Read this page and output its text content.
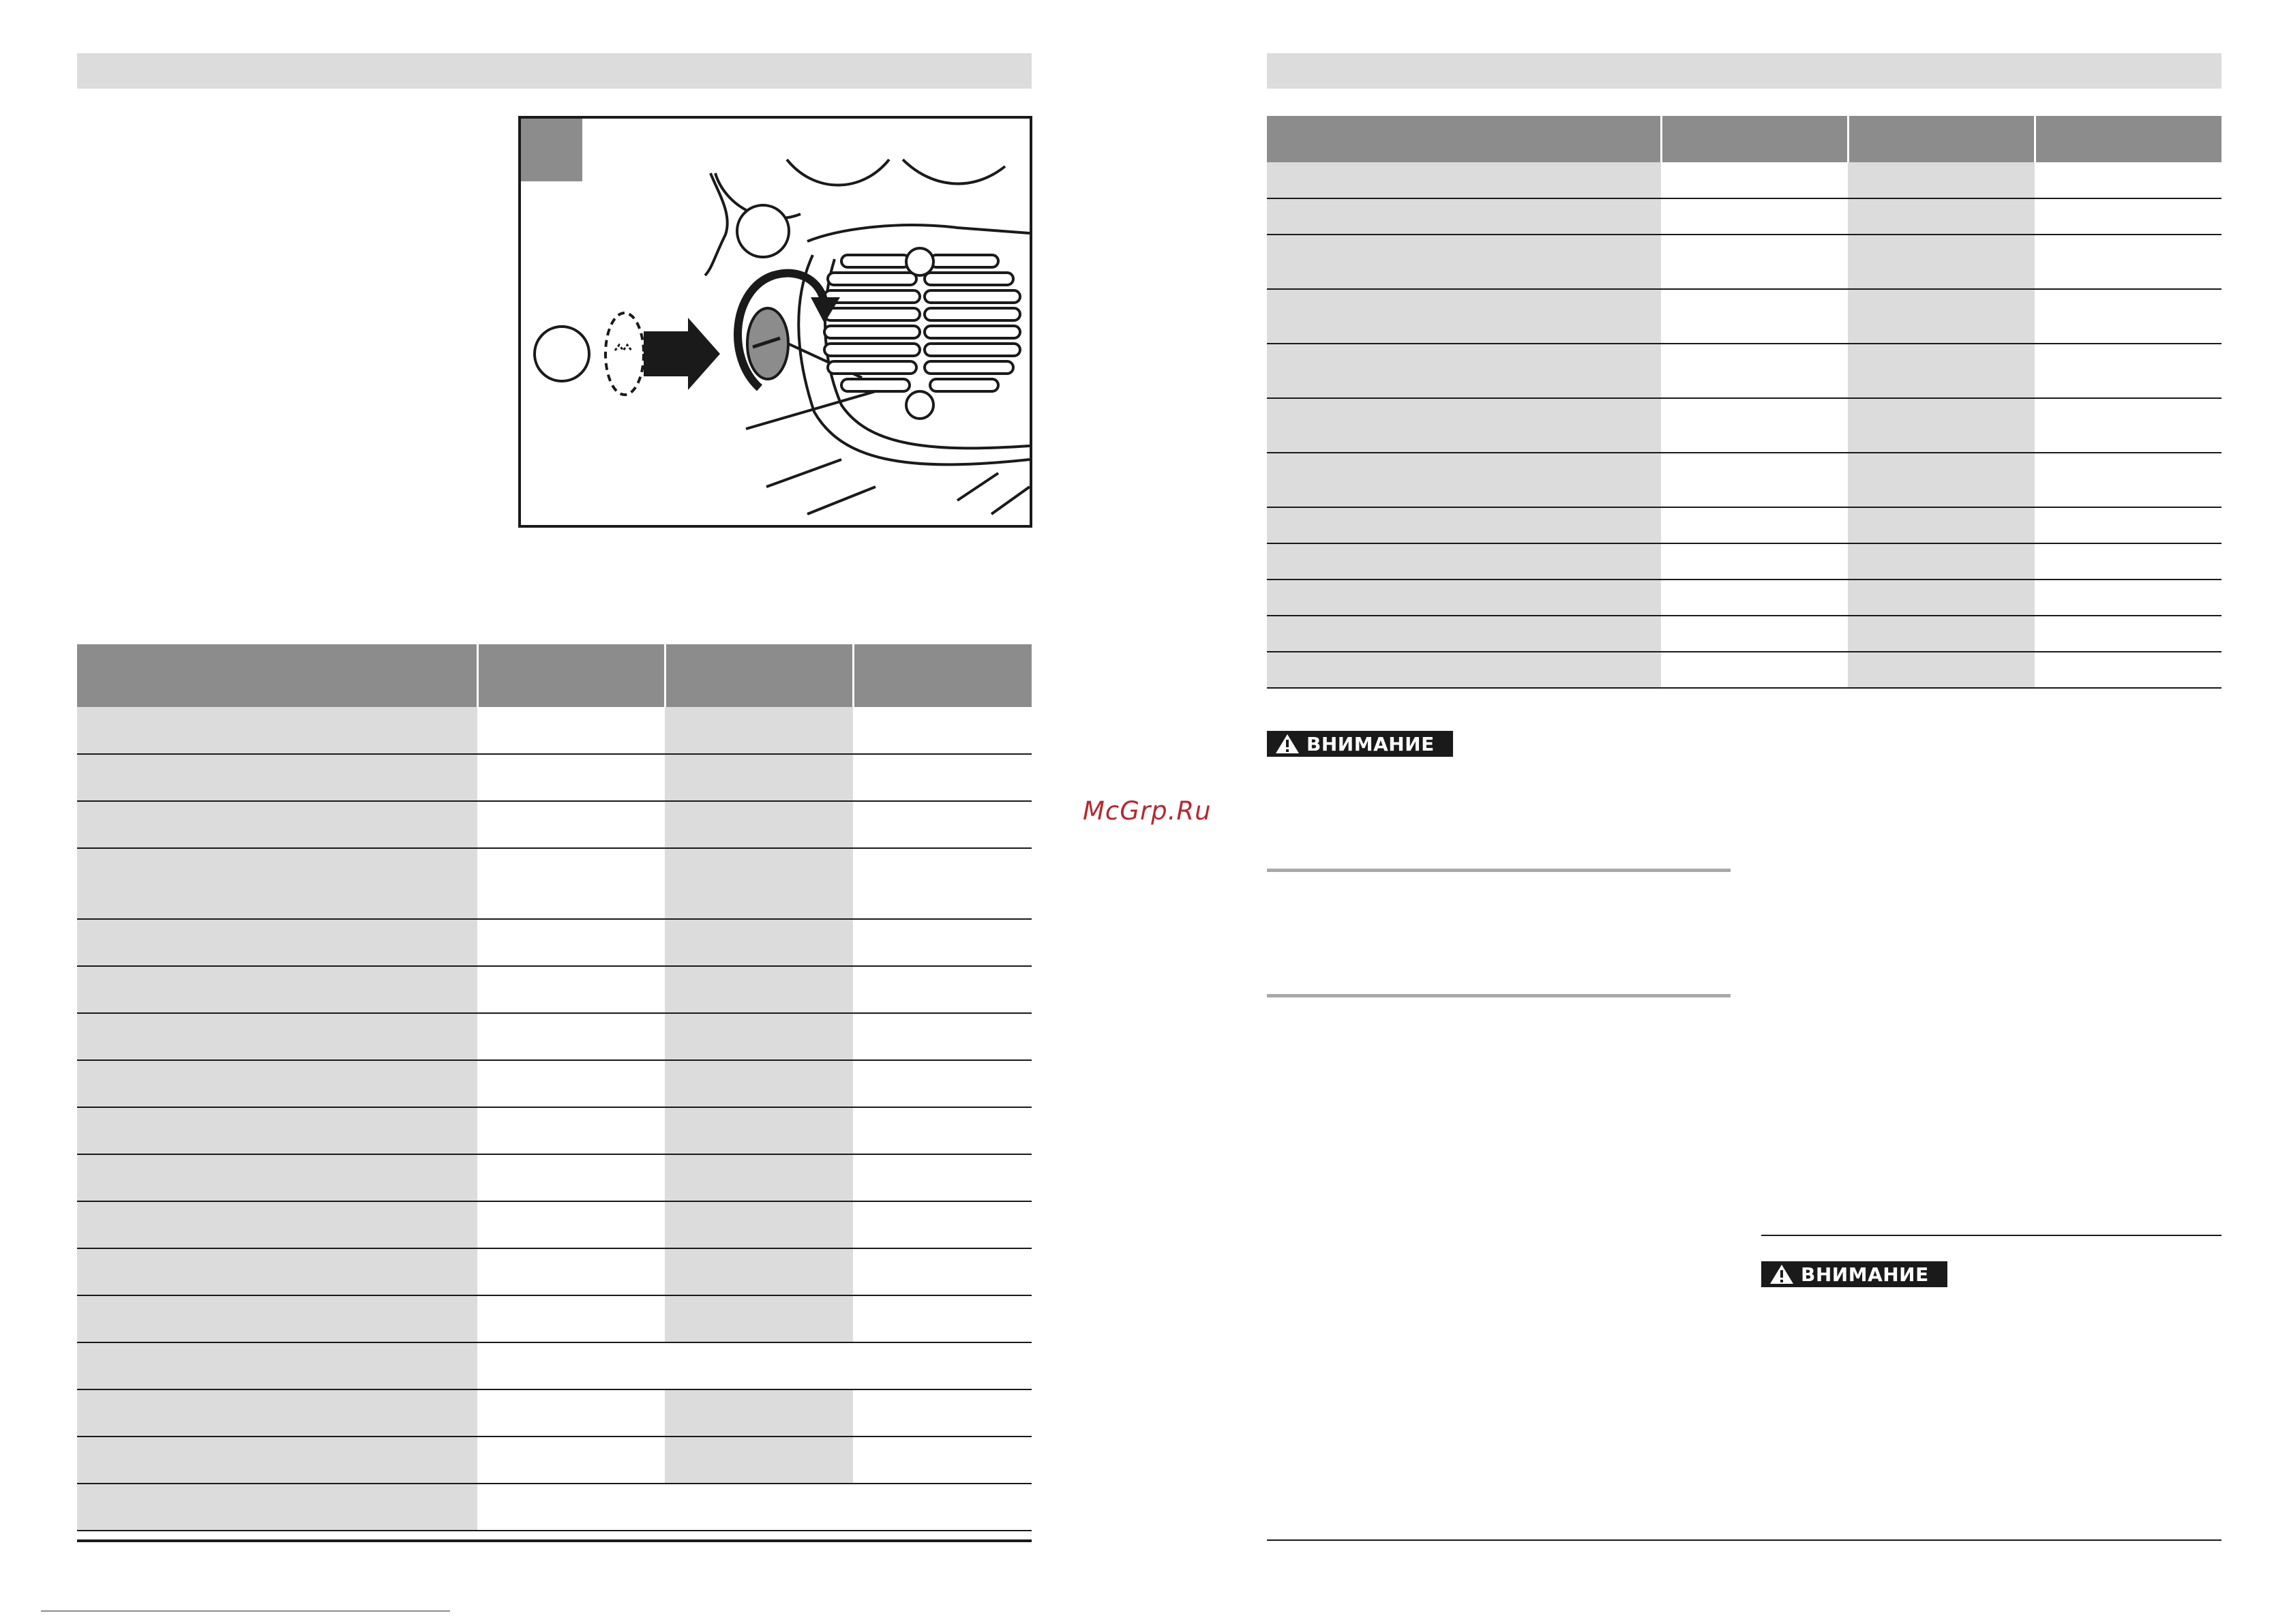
McGrp.Ru

ВНИМАНИЕ
ВНИМАНИЕ
